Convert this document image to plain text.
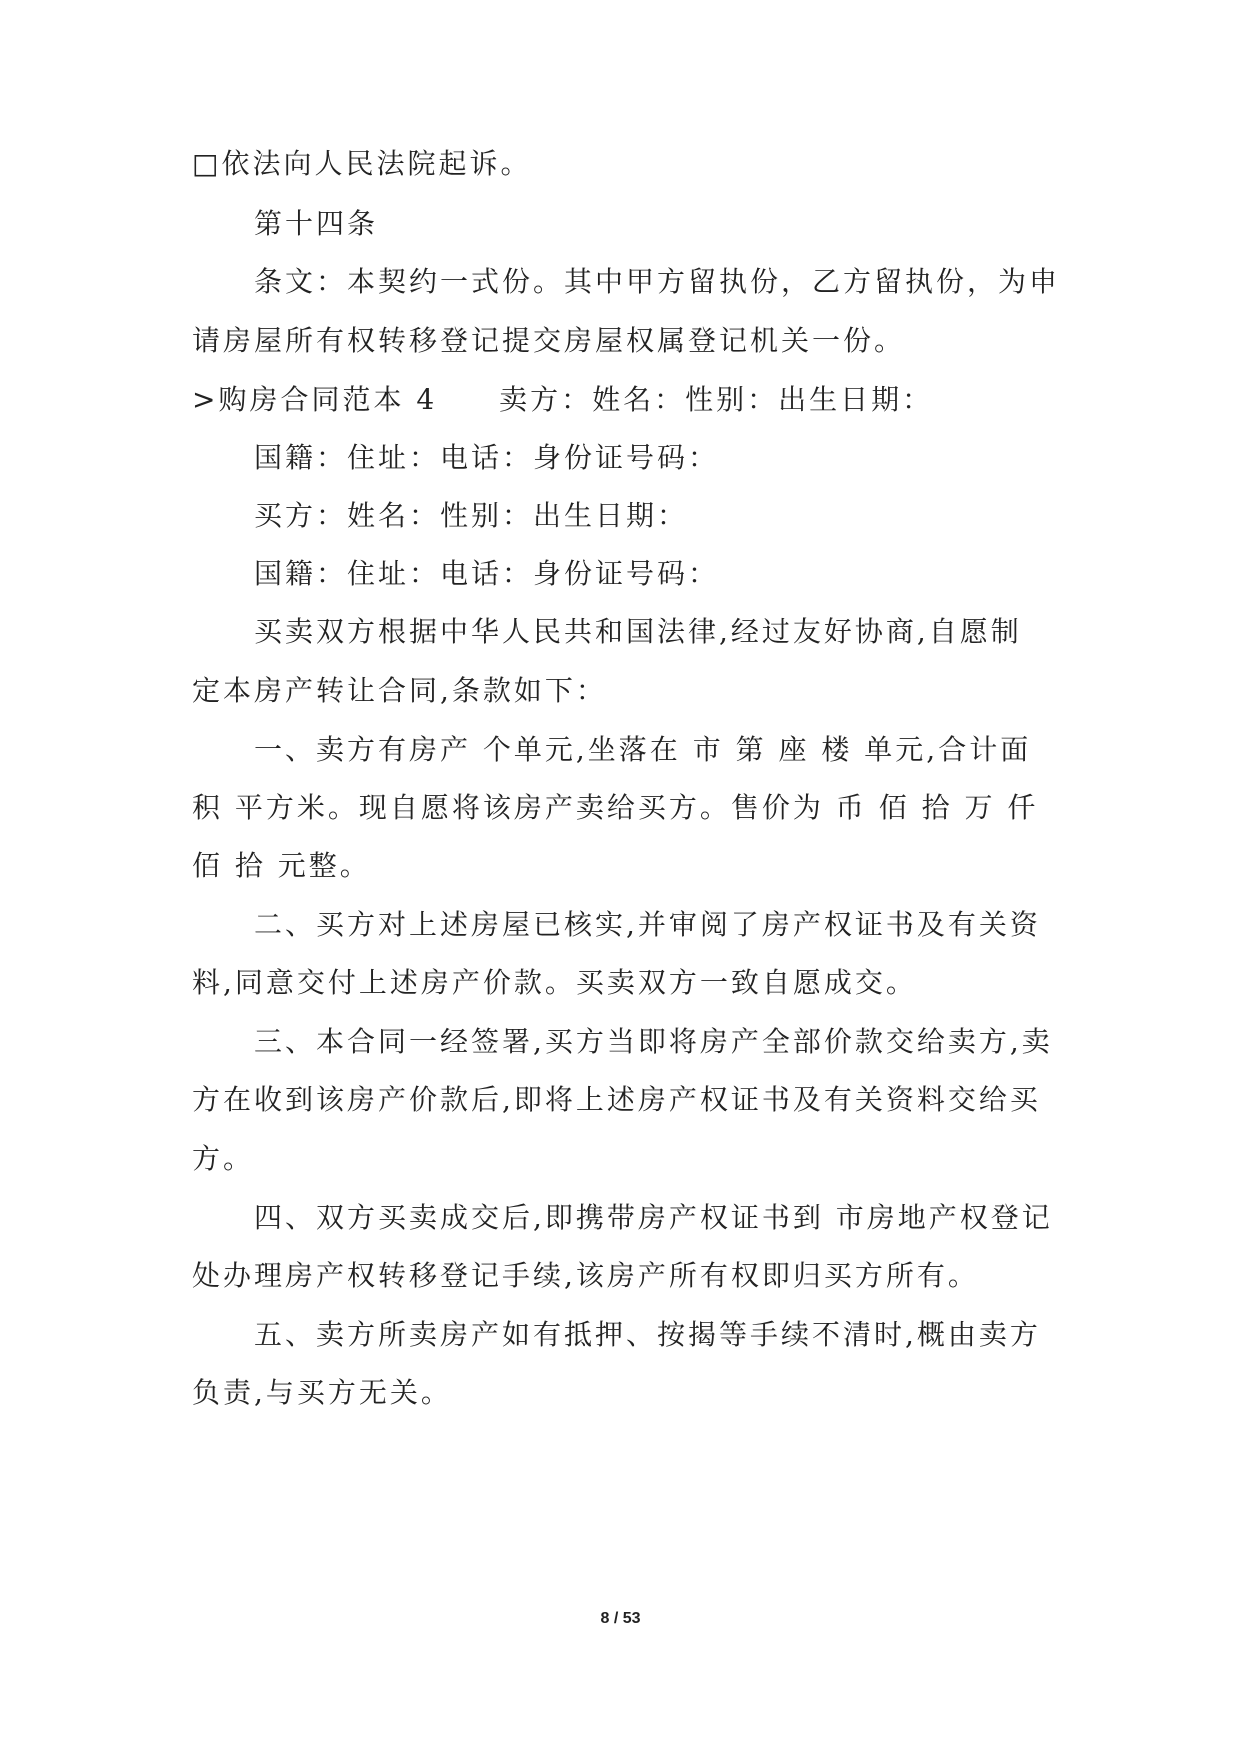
□依法向人民法院起诉。
第十四条
条文：本契约一式份。其中甲方留执份，乙方留执份，为申
请房屋所有权转移登记提交房屋权属登记机关一份。
>购房合同范本 4　　卖方：姓名：性别：出生日期：
国籍：住址：电话：身份证号码：
买方：姓名：性别：出生日期：
国籍：住址：电话：身份证号码：
买卖双方根据中华人民共和国法律,经过友好协商,自愿制
定本房产转让合同,条款如下：
一、卖方有房产 个单元,坐落在 市 第 座 楼 单元,合计面
积 平方米。现自愿将该房产卖给买方。售价为 币 佰 拾 万 仟
佰 拾 元整。
二、买方对上述房屋已核实,并审阅了房产权证书及有关资
料,同意交付上述房产价款。买卖双方一致自愿成交。
三、本合同一经签署,买方当即将房产全部价款交给卖方,卖
方在收到该房产价款后,即将上述房产权证书及有关资料交给买
方。
四、双方买卖成交后,即携带房产权证书到 市房地产权登记
处办理房产权转移登记手续,该房产所有权即归买方所有。
五、卖方所卖房产如有抵押、按揭等手续不清时,概由卖方
负责,与买方无关。
8 / 53
